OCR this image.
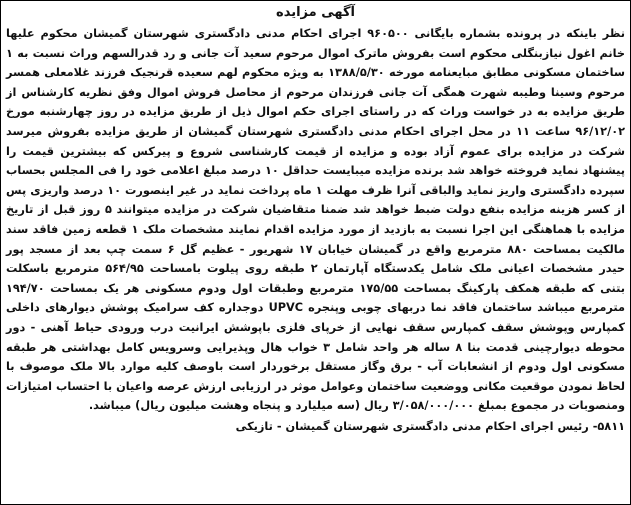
آگهی مزایده

نظر باینکه در پرونده بشماره بایگانی ۹۶۰۵۰۰ اجرای احکام مدنی دادگستری شهرستان گمیشان محکوم علیها خانم اغول نیازبنگلی محکوم است بفروش ماترک اموال مرحوم سعید آت جانی و رد قدرالسهم وراث نسبت به ۱ ساختمان مسکونی مطابق مبایعنامه مورخه ۱۳۸۸/۵/۳۰ به ویژه محکوم لهم سعیده قرنجیک فرزند غلامعلی همسر مرحوم وسینا وطیبه شهرت همگی آت جانی فرزندان مرحوم از محاصل فروش اموال وفق نظریه کارشناس از طریق مزایده به در خواست وراث که در راستای اجرای حکم اموال ذیل از طریق مزایده در روز چهارشنبه مورخ ۹۶/۱۲/۰۲ ساعت ۱۱ در محل اجرای احکام مدنی دادگستری شهرستان گمیشان از طریق مزایده بفروش میرسد شرکت در مزایده برای عموم آزاد بوده و مزایده از قیمت کارشناسی شروع و پیرکس که بیشترین قیمت را پیشنهاد نماید فروخته خواهد شد برنده مزایده میبایست حداقل ۱۰ درصد مبلغ اعلامی خود را فی المجلس بحساب سپرده دادگستری واریز نماید والباقی آنرا ظرف مهلت ۱ ماه پرداخت نماید در غیر اینصورت ۱۰ درصد واریزی پس از کسر هزینه مزایده بنفع دولت ضبط خواهد شد ضمنا متقاضیان شرکت در مزایده میتوانند ۵ روز قبل از تاریخ مزایده با هماهنگی این اجرا نسبت به بازدید از مورد مزایده اقدام نمایند مشخصات ملک ۱ قطعه زمین فاقد سند مالکیت بمساحت ۸۸۰ مترمربع واقع در گمیشان خیابان ۱۷ شهریور - عظیم گل ۶ سمت چپ بعد از مسجد پور حیدر مشخصات اعیانی ملک شامل یکدستگاه آپارتمان ۲ طبقه روی پیلوت بامساحت ۵۶۴/۹۵ مترمربع باسکلت بتنی که طبقه همکف پارکینگ بمساحت ۱۷۵/۵۵ مترمربع وطبقات اول ودوم مسکونی هر یک بمساحت ۱۹۴/۷۰ مترمربع میباشد ساختمان فاقد نما دربهای چوبی وپنجره UPVC دوجداره کف سرامیک پوشش دیوارهای داخلی کمپارس وپوشش سقف کمپارس سقف نهایی از خرپای فلزی باپوشش ایرانیت درب ورودی حیاط آهنی - دور محوطه دیوارچینی قدمت بنا ۸ ساله هر واحد شامل ۳ خواب هال وپذیرایی وسرویس کامل بهداشتی هر طبقه مسکونی اول ودوم از انشعابات آب - برق وگاز مستقل برخوردار است باوصف کلیه موارد بالا ملک موصوف با لحاظ نمودن موقعیت مکانی ووضعیت ساختمان وعوامل موثر در ارزیابی ارزش عرصه واعیان با احتساب امتیازات ومنصوبات در مجموع بمبلغ ۳/۰۵۸/۰۰۰/۰۰۰ ریال (سه میلیارد و پنجاه وهشت میلیون ریال) میباشد.

۵۸۱۱- رئیس اجرای احکام مدنی دادگستری شهرستان گمیشان - تازیکی
